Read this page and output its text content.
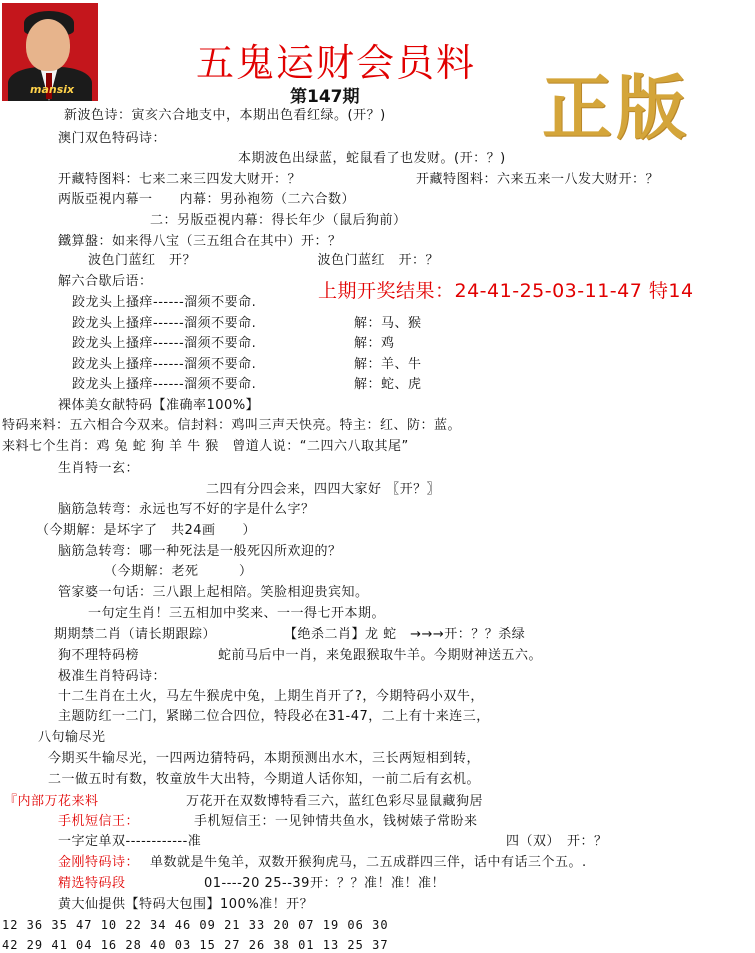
mansix
五鬼运财会员料
正版
第147期
上期开奖结果：24-41-25-03-11-47 特14
新波色诗：寅亥六合地支中，本期出色看红绿。(开？)
澳门双色特码诗：
本期波色出绿蓝，蛇鼠看了也发财。(开：？)
开藏特图料：七来二来三四发大财开：？	开藏特图料：六来五来一八发大财开：？
两版亞視内幕一　　内幕：男孙袍笏（二六合数）
二：另版亞視内幕：得长年少（鼠后狗前）
鐵算盤：如来得八宝（三五组合在其中）开：？
波色门蓝红　开？　　　　　　　　　波色门蓝红　开：？
解六合歇后语：
跤龙头上搔痒------溜须不要命.
跤龙头上搔痒------溜须不要命.	解：马、猴
跤龙头上搔痒------溜须不要命.	解：鸡
跤龙头上搔痒------溜须不要命.	解：羊、牛
跤龙头上搔痒------溜须不要命.	解：蛇、虎
裸体美女献特码【准确率100%】
特码来料：五六相合今双来。信封料：鸡叫三声天快亮。特主：红、防：蓝。
来料七个生肖：鸡 兔 蛇 狗 羊 牛 猴　曾道人说：“二四六八取其尾”
生肖特一玄：
二四有分四会来，四四大家好 〖开？〗
脑筋急转弯：永远也写不好的字是什么字？
（今期解：是坏字了　共24画　　）
脑筋急转弯：哪一种死法是一般死囚所欢迎的？
（今期解：老死　　　）
管家婆一句话：三八跟上起相陪。笑脸相迎贵宾知。
一句定生肖！三五相加中奖来、一一得七开本期。
期期禁二肖（请长期跟踪）	【绝杀二肖】龙 蛇　→→→开：？？杀绿
狗不理特码榜	蛇前马后中一肖，来兔跟猴取牛羊。今期财神送五六。
极准生肖特码诗：
十二生肖在土火，马左牛猴虎中兔，上期生肖开了?，今期特码小双牛，
主题防红一二门，紧睇二位合四位，特段必在31-47，二上有十来连三，
八句输尽光
今期买牛输尽光，一四两边猜特码，本期预测出水木，三长两短相到转，
二一做五时有数，牧童放牛大出特，今期道人话你知，一前二后有玄机。
『内部万花来料	万花开在双数博特看三六，蓝红色彩尽显鼠藏狗居
手机短信王：	手机短信王：一见钟情共鱼水，钱树婊子常盼来
一字定单双------------准	四（双）　开：？
金刚特码诗： 单数就是牛兔羊，双数开猴狗虎马，二五成群四三伴，话中有话三个五。.
精选特码段	01----20 25--39开：？？准！准！准！
黄大仙提供【特码大包围】100%准！开？
12 36 35 47 10 22 34 46 09 21 33 20 07 19 06 30
42 29 41 04 16 28 40 03 15 27 26 38 01 13 25 37
